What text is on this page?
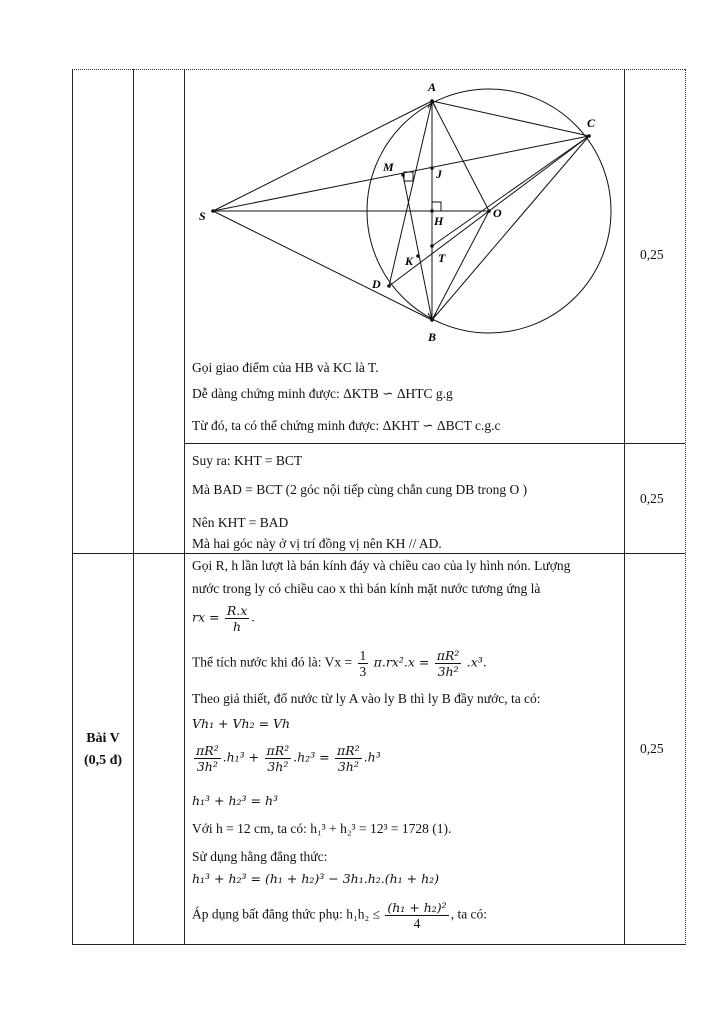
A
C
M	J
S	H
O
K T
D
B
Gọi giao điểm của HB và KC là T.
Dễ dàng chứng minh được: ΔKTB ∽ ΔHTC g.g
Từ đó, ta có thể chứng minh được: ΔKHT ∽ ΔBCT c.g.c
0,25
Suy ra: KHT = BCT
Mà BAD = BCT (2 góc nội tiếp cùng chắn cung DB trong O )
Nên KHT = BAD
Mà hai góc này ở vị trí đồng vị nên KH // AD.
0,25
Bài V
(0,5 đ)
0,25
Gọi R, h lần lượt là bán kính đáy và chiều cao của ly hình nón. Lượng
nước trong ly có chiều cao x thì bán kính mặt nước tương ứng là
rx = $\frac{R.x}{h}$ .
Thể tích nước khi đó là: $Vx = \frac{1}{3} \pi.rx^2.x = \frac{\text{πR²}}{\text{3h²}} .x^3$.
Theo giả thiết, đổ nước từ ly A vào ly B thì ly B đầy nước, ta có:
Vh₁ + Vh₂ = Vh
$\frac{\text{πR²}}{\text{3h²}} .h_1^3 + \frac{\text{πR²}}{\text{3h²}} .h_2^3 = \frac{\text{πR²}}{\text{3h²}} .h^3$
h₁³ + h₂³ = h³
Với h = 12 cm, ta có: h₁³ + h₂³ = 12³ = 1728 (1).
Sử dụng hằng đẳng thức:
h₁³ + h₂³ = (h₁ + h₂)³ − 3h₁.h₂.(h₁ + h₂)
Áp dụng bất đẳng thức phụ: $h_1h_2 \le \frac{\text{(h₁ + h₂)²}}{4}$ , ta có:
